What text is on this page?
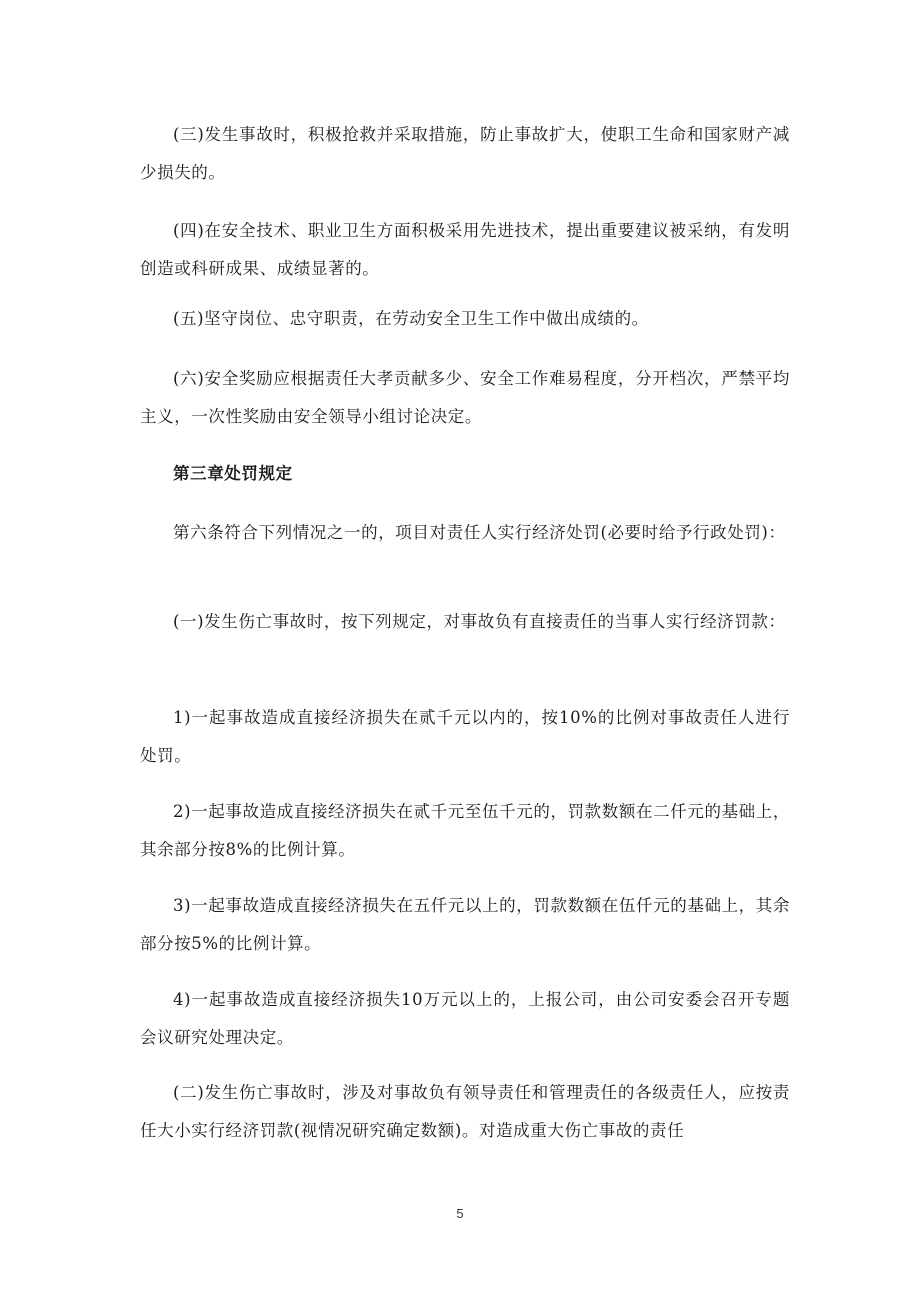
(三)发生事故时，积极抢救并采取措施，防止事故扩大，使职工生命和国家财产减少损失的。

(四)在安全技术、职业卫生方面积极采用先进技术，提出重要建议被采纳，有发明创造或科研成果、成绩显著的。

(五)坚守岗位、忠守职责，在劳动安全卫生工作中做出成绩的。

(六)安全奖励应根据责任大孝贡献多少、安全工作难易程度，分开档次，严禁平均主义，一次性奖励由安全领导小组讨论决定。

第三章处罚规定

第六条符合下列情况之一的，项目对责任人实行经济处罚(必要时给予行政处罚)：

(一)发生伤亡事故时，按下列规定，对事故负有直接责任的当事人实行经济罚款：

1)一起事故造成直接经济损失在贰千元以内的，按10%的比例对事故责任人进行处罚。

2)一起事故造成直接经济损失在贰千元至伍千元的，罚款数额在二仟元的基础上，其余部分按8%的比例计算。

3)一起事故造成直接经济损失在五仟元以上的，罚款数额在伍仟元的基础上，其余部分按5%的比例计算。

4)一起事故造成直接经济损失10万元以上的，上报公司，由公司安委会召开专题会议研究处理决定。

(二)发生伤亡事故时，涉及对事故负有领导责任和管理责任的各级责任人，应按责任大小实行经济罚款(视情况研究确定数额)。对造成重大伤亡事故的责任

5
